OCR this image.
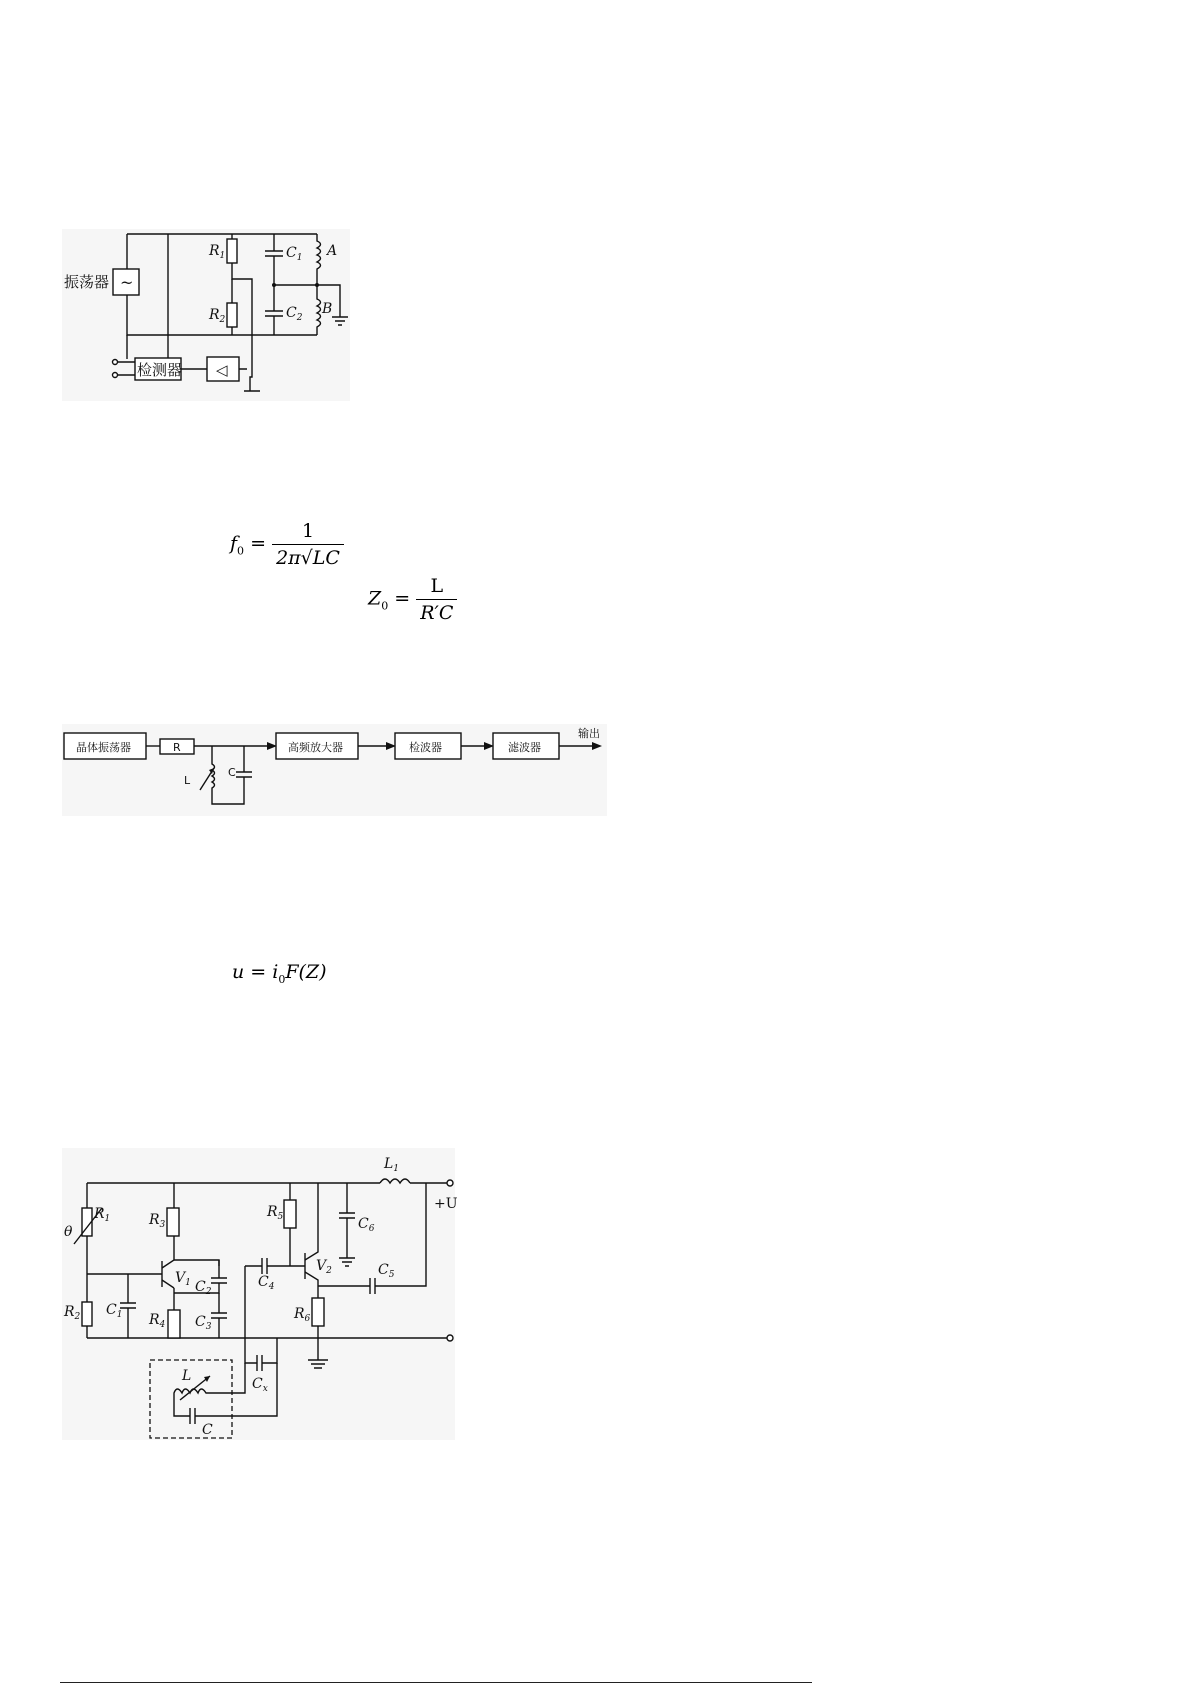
~
振荡器
$R_1$
$R_2$
$C_1$
$C_2$
A
B
检测器 ◁
$f_0 = \frac{1}{2\pi√LC}$
$Z_0 = \frac{L}{R'C}$
晶体振荡器	R
L
C
高频放大器	检波器	滤波器
输出
$u = i_0F(Z)$
$L_1$
+U
θ
$R_1$
$R_2$ $C_1$
$V_1$
$R_3$
$R_4$
$C_2$
$C_3$
$C_4$
$R_5$
$V_2$
$R_6$
$C_6$
$C_5$
$C_x$
L
C
